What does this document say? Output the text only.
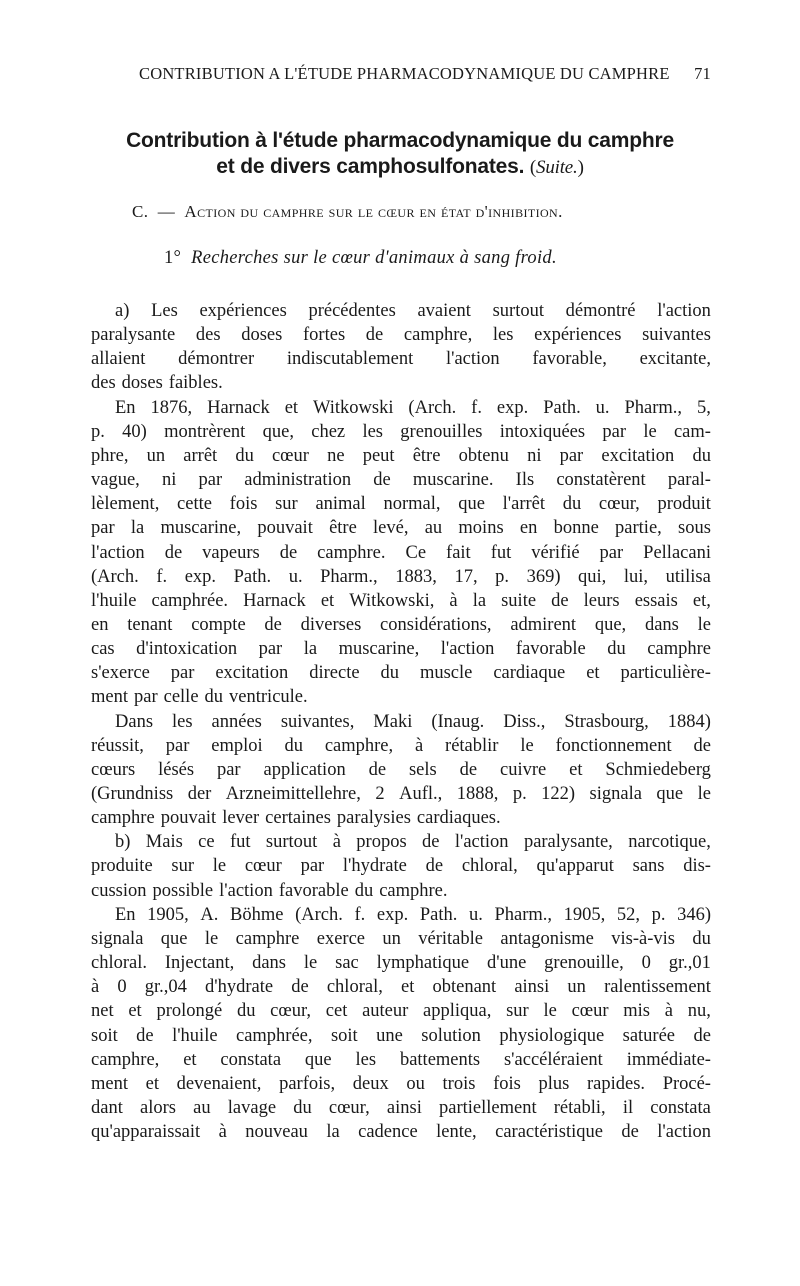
CONTRIBUTION A L'ÉTUDE PHARMACODYNAMIQUE DU CAMPHRE 71
Contribution à l'étude pharmacodynamique du camphre
et de divers camphosulfonates. (Suite.)
C. — Action du camphre sur le cœur en état d'inhibition.
1° Recherches sur le cœur d'animaux à sang froid.
a) Les expériences précédentes avaient surtout démontré l'action
paralysante des doses fortes de camphre, les expériences suivantes
allaient démontrer indiscutablement l'action favorable, excitante,
des doses faibles.
En 1876, Harnack et Witkowski (Arch. f. exp. Path. u. Pharm., 5,
p. 40) montrèrent que, chez les grenouilles intoxiquées par le cam-
phre, un arrêt du cœur ne peut être obtenu ni par excitation du
vague, ni par administration de muscarine. Ils constatèrent paral-
lèlement, cette fois sur animal normal, que l'arrêt du cœur, produit
par la muscarine, pouvait être levé, au moins en bonne partie, sous
l'action de vapeurs de camphre. Ce fait fut vérifié par Pellacani
(Arch. f. exp. Path. u. Pharm., 1883, 17, p. 369) qui, lui, utilisa
l'huile camphrée. Harnack et Witkowski, à la suite de leurs essais et,
en tenant compte de diverses considérations, admirent que, dans le
cas d'intoxication par la muscarine, l'action favorable du camphre
s'exerce par excitation directe du muscle cardiaque et particulière-
ment par celle du ventricule.
Dans les années suivantes, Maki (Inaug. Diss., Strasbourg, 1884)
réussit, par emploi du camphre, à rétablir le fonctionnement de
cœurs lésés par application de sels de cuivre et Schmiedeberg
(Grundniss der Arzneimittellehre, 2 Aufl., 1888, p. 122) signala que le
camphre pouvait lever certaines paralysies cardiaques.
b) Mais ce fut surtout à propos de l'action paralysante, narcotique,
produite sur le cœur par l'hydrate de chloral, qu'apparut sans dis-
cussion possible l'action favorable du camphre.
En 1905, A. Böhme (Arch. f. exp. Path. u. Pharm., 1905, 52, p. 346)
signala que le camphre exerce un véritable antagonisme vis-à-vis du
chloral. Injectant, dans le sac lymphatique d'une grenouille, 0 gr.,01
à 0 gr.,04 d'hydrate de chloral, et obtenant ainsi un ralentissement
net et prolongé du cœur, cet auteur appliqua, sur le cœur mis à nu,
soit de l'huile camphrée, soit une solution physiologique saturée de
camphre, et constata que les battements s'accéléraient immédiate-
ment et devenaient, parfois, deux ou trois fois plus rapides. Procé-
dant alors au lavage du cœur, ainsi partiellement rétabli, il constata
qu'apparaissait à nouveau la cadence lente, caractéristique de l'action
